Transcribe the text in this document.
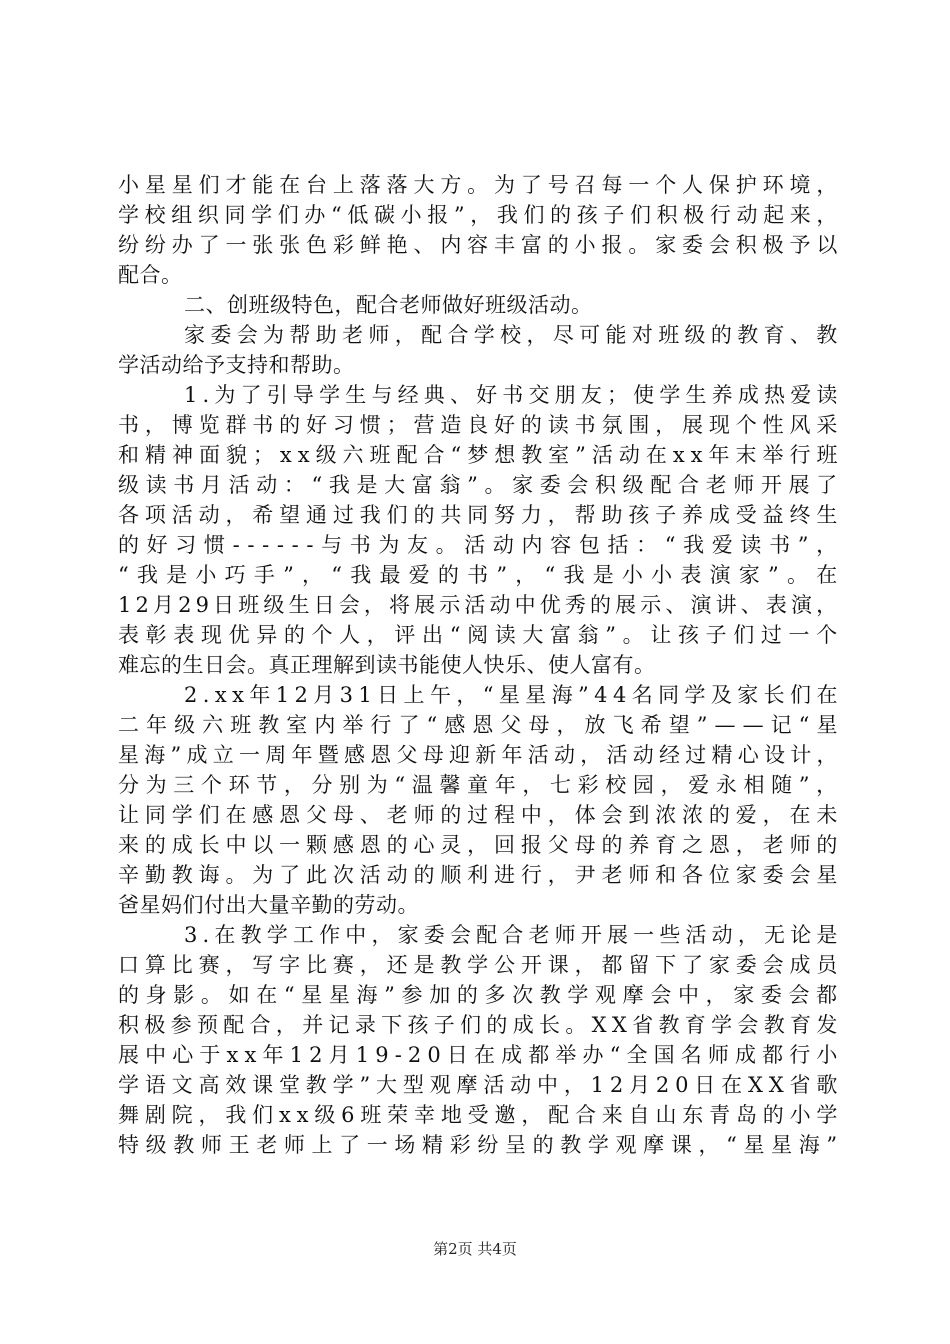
小 星 星 们 才 能 在 台 上 落 落 大 方 。 为 了 号 召 每 一 个 人 保 护 环 境 ，
学 校 组 织 同 学 们 办 “ 低 碳 小 报 ” ， 我 们 的 孩 子 们 积 极 行 动 起 来 ，
纷 纷 办 了 一 张 张 色 彩 鲜 艳 、 内 容 丰 富 的 小 报 。 家 委 会 积 极 予 以
配合。
二、创班级特色，配合老师做好班级活动。
家 委 会 为 帮 助 老 师 ， 配 合 学 校 ， 尽 可 能 对 班 级 的 教 育 、 教
学活动给予支持和帮助。
1 . 为 了 引 导 学 生 与 经 典 、 好 书 交 朋 友 ； 使 学 生 养 成 热 爱 读
书 ， 博 览 群 书 的 好 习 惯 ； 营 造 良 好 的 读 书 氛 围 ， 展 现 个 性 风 采
和 精 神 面 貌 ； x x 级 六 班 配 合 “ 梦 想 教 室 ” 活 动 在 x x 年 末 举 行 班
级 读 书 月 活 动 ： “ 我 是 大 富 翁 ” 。 家 委 会 积 级 配 合 老 师 开 展 了
各 项 活 动 ， 希 望 通 过 我 们 的 共 同 努 力 ， 帮 助 孩 子 养 成 受 益 终 生
的 好 习 惯 - - - - - - 与 书 为 友 。 活 动 内 容 包 括 ： “ 我 爱 读 书 ” ，
“ 我 是 小 巧 手 ” ， “ 我 最 爱 的 书 ” ， “ 我 是 小 小 表 演 家 ” 。 在
1 2 月 2 9 日 班 级 生 日 会 ， 将 展 示 活 动 中 优 秀 的 展 示 、 演 讲 、 表 演 ，
表 彰 表 现 优 异 的 个 人 ， 评 出 “ 阅 读 大 富 翁 ” 。 让 孩 子 们 过 一 个
难忘的生日会。真正理解到读书能使人快乐、使人富有。
2 . x x 年 1 2 月 3 1 日 上 午 ， “ 星 星 海 ” 4 4 名 同 学 及 家 长 们 在
二 年 级 六 班 教 室 内 举 行 了 “ 感 恩 父 母 ， 放 飞 希 望 ” — — 记 “ 星
星 海 ” 成 立 一 周 年 暨 感 恩 父 母 迎 新 年 活 动 ， 活 动 经 过 精 心 设 计 ，
分 为 三 个 环 节 ， 分 别 为 “ 温 馨 童 年 ， 七 彩 校 园 ， 爱 永 相 随 ” ，
让 同 学 们 在 感 恩 父 母 、 老 师 的 过 程 中 ， 体 会 到 浓 浓 的 爱 ， 在 未
来 的 成 长 中 以 一 颗 感 恩 的 心 灵 ， 回 报 父 母 的 养 育 之 恩 ， 老 师 的
辛 勤 教 诲 。 为 了 此 次 活 动 的 顺 利 进 行 ， 尹 老 师 和 各 位 家 委 会 星
爸星妈们付出大量辛勤的劳动。
3 . 在 教 学 工 作 中 ， 家 委 会 配 合 老 师 开 展 一 些 活 动 ， 无 论 是
口 算 比 赛 ， 写 字 比 赛 ， 还 是 教 学 公 开 课 ， 都 留 下 了 家 委 会 成 员
的 身 影 。 如 在 “ 星 星 海 ” 参 加 的 多 次 教 学 观 摩 会 中 ， 家 委 会 都
积 极 参 预 配 合 ， 并 记 录 下 孩 子 们 的 成 长 。 X X 省 教 育 学 会 教 育 发
展 中 心 于 x x 年 1 2 月 1 9 - 2 0 日 在 成 都 举 办 “ 全 国 名 师 成 都 行 小
学 语 文 高 效 课 堂 教 学 ” 大 型 观 摩 活 动 中 ， 1 2 月 2 0 日 在 X X 省 歌
舞 剧 院 ， 我 们 x x 级 6 班 荣 幸 地 受 邀 ， 配 合 来 自 山 东 青 岛 的 小 学
特 级 教 师 王 老 师 上 了 一 场 精 彩 纷 呈 的 教 学 观 摩 课 ， “ 星 星 海 ”
第2页 共4页
